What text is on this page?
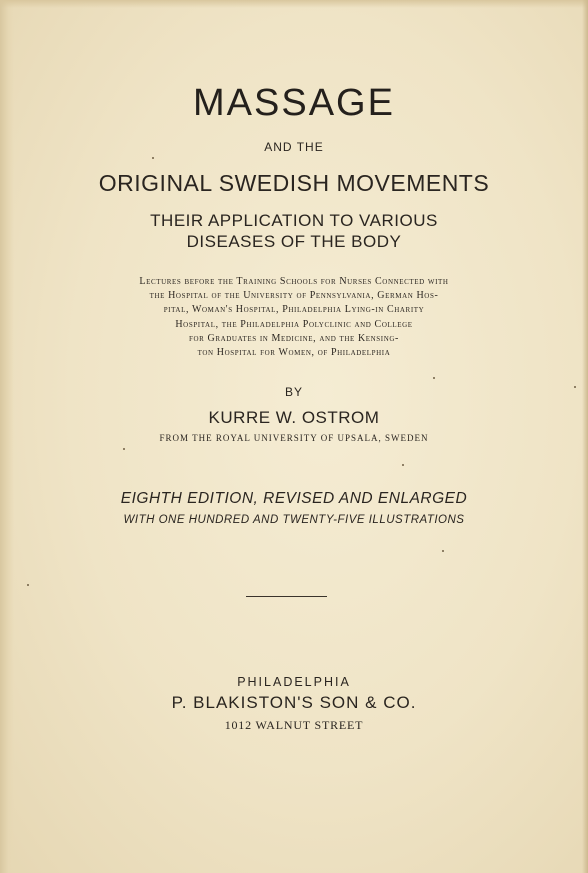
MASSAGE
AND THE
ORIGINAL SWEDISH MOVEMENTS
THEIR APPLICATION TO VARIOUS
DISEASES OF THE BODY
Lectures before the Training Schools for Nurses Connected with
the Hospital of the University of Pennsylvania, German Hos-
pital, Woman's Hospital, Philadelphia Lying-in Charity
Hospital, the Philadelphia Polyclinic and College
for Graduates in Medicine, and the Kensing-
ton Hospital for Women, of Philadelphia
BY
KURRE W. OSTROM
FROM THE ROYAL UNIVERSITY OF UPSALA, SWEDEN
EIGHTH EDITION, REVISED AND ENLARGED
WITH ONE HUNDRED AND TWENTY-FIVE ILLUSTRATIONS
PHILADELPHIA
P. BLAKISTON'S SON & CO.
1012 WALNUT STREET
